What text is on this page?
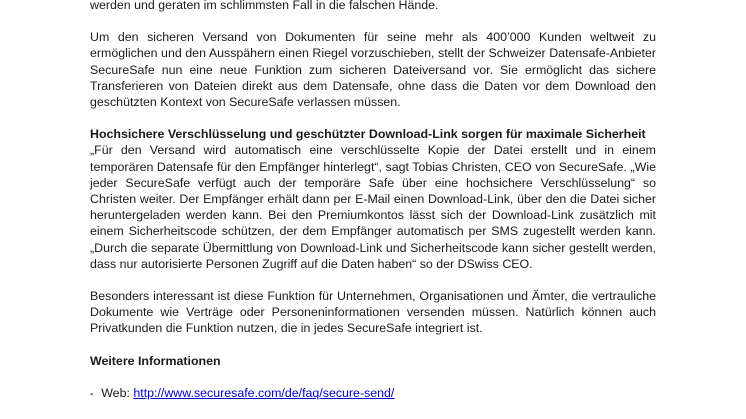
werden und geraten im schlimmsten Fall in die falschen Hände.

Um den sicheren Versand von Dokumenten für seine mehr als 400’000 Kunden weltweit zu ermöglichen und den Ausspähern einen Riegel vorzuschieben, stellt der Schweizer Datensafe-Anbieter SecureSafe nun eine neue Funktion zum sicheren Dateiversand vor. Sie ermöglicht das sichere Transferieren von Dateien direkt aus dem Datensafe, ohne dass die Daten vor dem Download den geschützten Kontext von SecureSafe verlassen müssen.

Hochsichere Verschlüsselung und geschützter Download-Link sorgen für maximale Sicherheit

„Für den Versand wird automatisch eine verschlüsselte Kopie der Datei erstellt und in einem temporären Datensafe für den Empfänger hinterlegt“, sagt Tobias Christen, CEO von SecureSafe. „Wie jeder SecureSafe verfügt auch der temporäre Safe über eine hochsichere Verschlüsselung“ so Christen weiter. Der Empfänger erhält dann per E-Mail einen Download-Link, über den die Datei sicher heruntergeladen werden kann. Bei den Premiumkontos lässt sich der Download-Link zusätzlich mit einem Sicherheitscode schützen, der dem Empfänger automatisch per SMS zugestellt werden kann. „Durch die separate Übermittlung von Download-Link und Sicherheitscode kann sicher gestellt werden, dass nur autorisierte Personen Zugriff auf die Daten haben“ so der DSwiss CEO.

Besonders interessant ist diese Funktion für Unternehmen, Organisationen und Ämter, die vertrauliche Dokumente wie Verträge oder Personeninformationen versenden müssen. Natürlich können auch Privatkunden die Funktion nutzen, die in jedes SecureSafe integriert ist.

Weitere Informationen

▪ Web:
http://www.securesafe.com/de/faq/secure-send/
